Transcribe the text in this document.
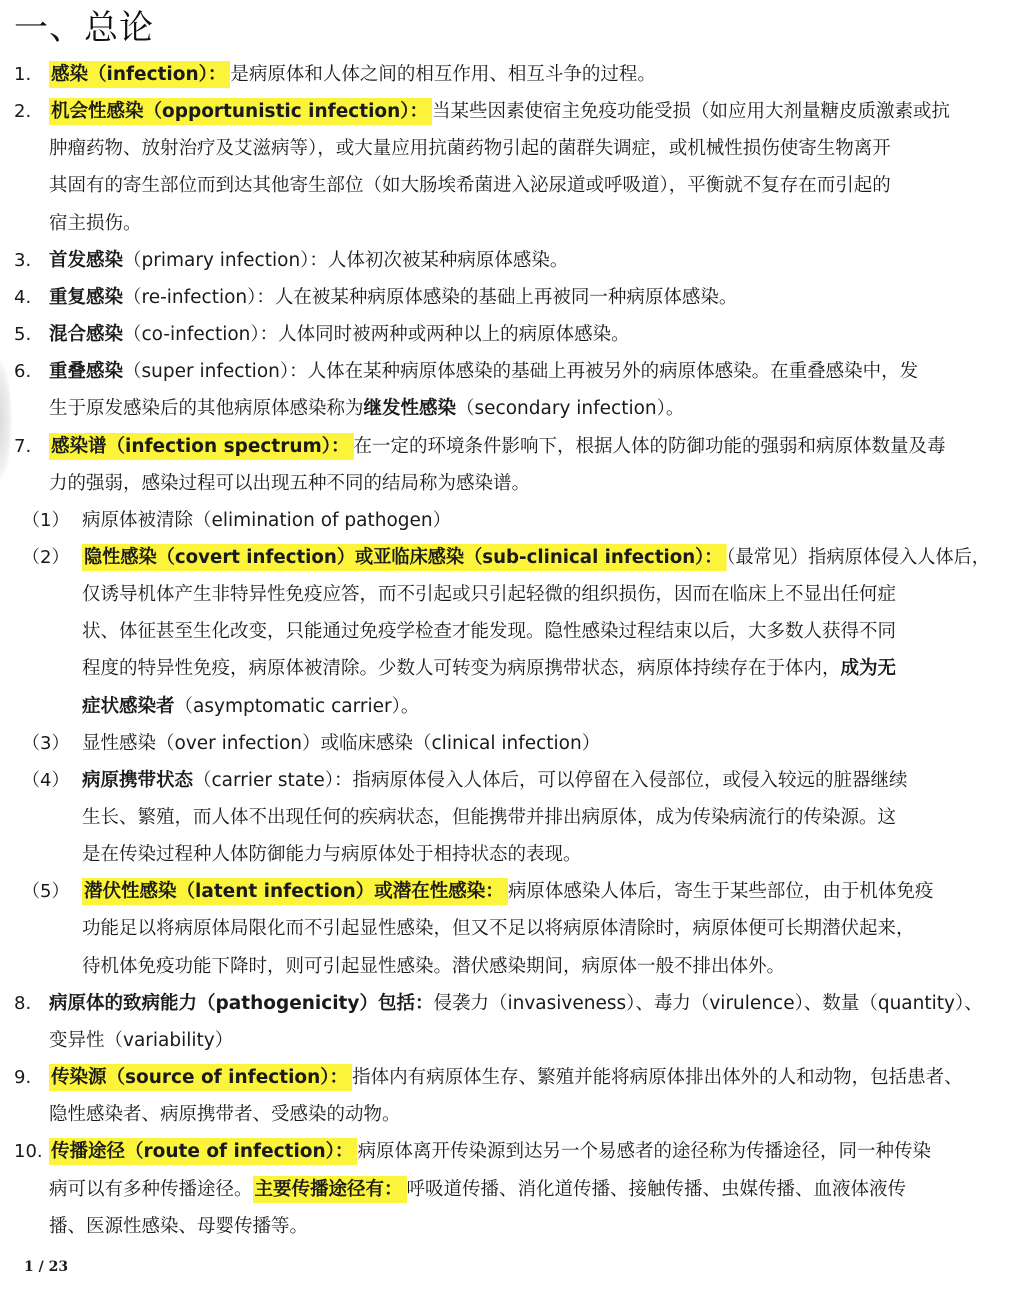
一、总论
1. 感染（infection）： 是病原体和人体之间的相互作用、相互斗争的过程。
2. 机会性感染（opportunistic infection）： 当某些因素使宿主免疫功能受损（如应用大剂量糖皮质激素或抗
肿瘤药物、放射治疗及艾滋病等），或大量应用抗菌药物引起的菌群失调症，或机械性损伤使寄生物离开
其固有的寄生部位而到达其他寄生部位（如大肠埃希菌进入泌尿道或呼吸道），平衡就不复存在而引起的
宿主损伤。
3. 首发感染（primary infection）：人体初次被某种病原体感染。
4. 重复感染（re-infection）：人在被某种病原体感染的基础上再被同一种病原体感染。
5. 混合感染（co-infection）：人体同时被两种或两种以上的病原体感染。
6. 重叠感染（super infection）：人体在某种病原体感染的基础上再被另外的病原体感染。在重叠感染中，发
生于原发感染后的其他病原体感染称为继发性感染（secondary infection）。
7. 感染谱（infection spectrum）： 在一定的环境条件影响下，根据人体的防御功能的强弱和病原体数量及毒
力的强弱，感染过程可以出现五种不同的结局称为感染谱。
（1） 病原体被清除（elimination of pathogen）
（2） 隐性感染（covert infection）或亚临床感染（sub-clinical infection）： （最常见）指病原体侵入人体后，
仅诱导机体产生非特异性免疫应答，而不引起或只引起轻微的组织损伤，因而在临床上不显出任何症
状、体征甚至生化改变，只能通过免疫学检查才能发现。隐性感染过程结束以后，大多数人获得不同
程度的特异性免疫，病原体被清除。少数人可转变为病原携带状态，病原体持续存在于体内，成为无
症状感染者（asymptomatic carrier）。
（3） 显性感染（over infection）或临床感染（clinical infection）
（4） 病原携带状态（carrier state）：指病原体侵入人体后，可以停留在入侵部位，或侵入较远的脏器继续
生长、繁殖，而人体不出现任何的疾病状态，但能携带并排出病原体，成为传染病流行的传染源。这
是在传染过程种人体防御能力与病原体处于相持状态的表现。
（5） 潜伏性感染（latent infection）或潜在性感染： 病原体感染人体后，寄生于某些部位，由于机体免疫
功能足以将病原体局限化而不引起显性感染，但又不足以将病原体清除时，病原体便可长期潜伏起来，
待机体免疫功能下降时，则可引起显性感染。潜伏感染期间，病原体一般不排出体外。
8. 病原体的致病能力（pathogenicity）包括：侵袭力（invasiveness）、毒力（virulence）、数量（quantity）、
变异性（variability）
9. 传染源（source of infection）： 指体内有病原体生存、繁殖并能将病原体排出体外的人和动物，包括患者、
隐性感染者、病原携带者、受感染的动物。
10. 传播途径（route of infection）： 病原体离开传染源到达另一个易感者的途径称为传播途径，同一种传染
病可以有多种传播途径。 主要传播途径有： 呼吸道传播、消化道传播、接触传播、虫媒传播、血液体液传
播、医源性感染、母婴传播等。
1 / 23
